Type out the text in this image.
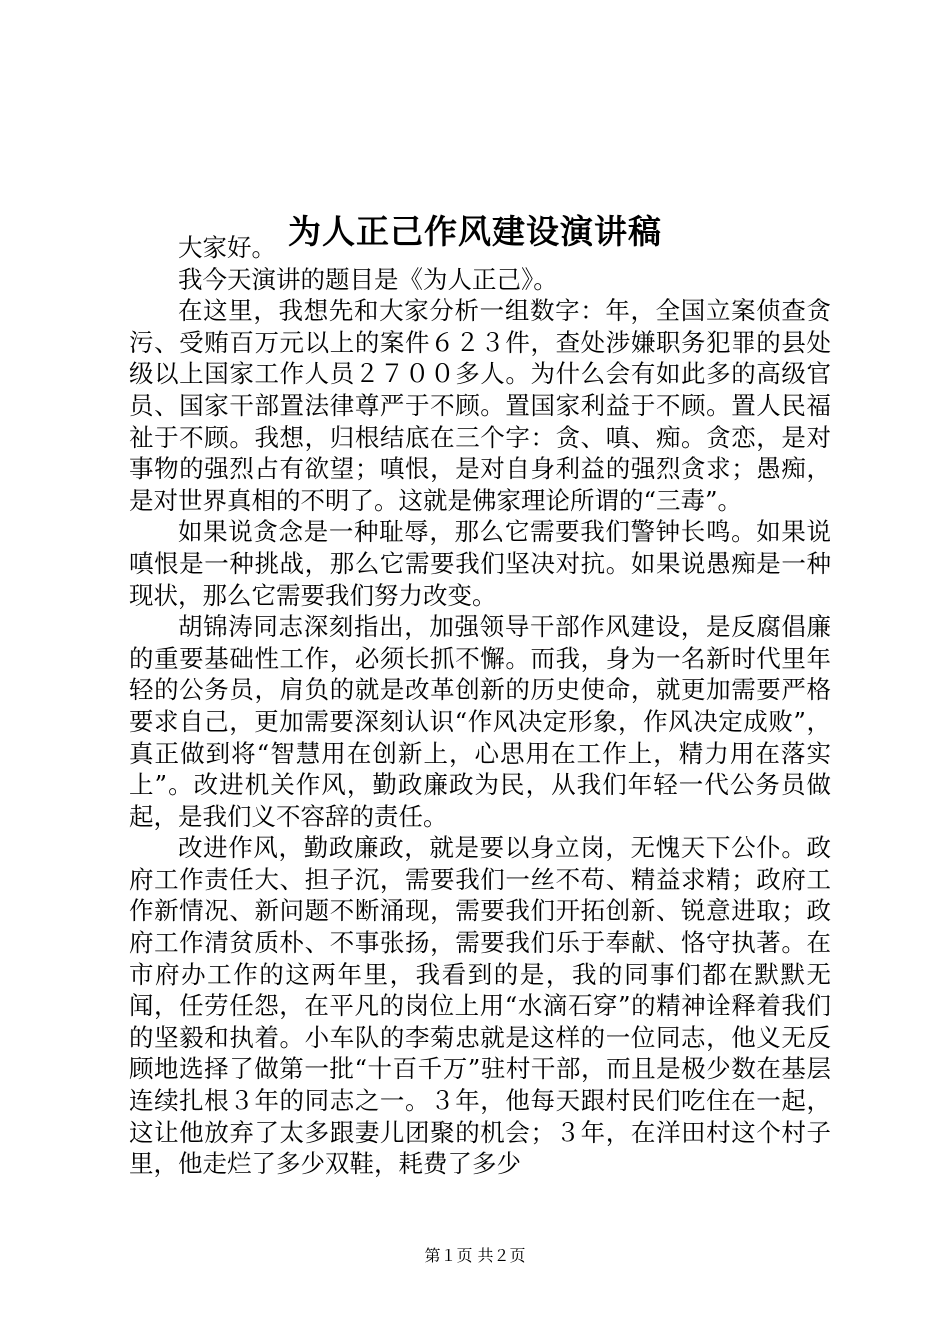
为人正己作风建设演讲稿

大家好。

我今天演讲的题目是《为人正己》。

在这里，我想先和大家分析一组数字：年，全国立案侦查贪污、受贿百万元以上的案件６２３件，查处涉嫌职务犯罪的县处级以上国家工作人员２７００多人。为什么会有如此多的高级官员、国家干部置法律尊严于不顾。置国家利益于不顾。置人民福祉于不顾。我想，归根结底在三个字：贪、嗔、痴。贪恋，是对事物的强烈占有欲望；嗔恨，是对自身利益的强烈贪求；愚痴，是对世界真相的不明了。这就是佛家理论所谓的“三毒”。

如果说贪念是一种耻辱，那么它需要我们警钟长鸣。如果说嗔恨是一种挑战，那么它需要我们坚决对抗。如果说愚痴是一种现状，那么它需要我们努力改变。

胡锦涛同志深刻指出，加强领导干部作风建设，是反腐倡廉的重要基础性工作，必须长抓不懈。而我，身为一名新时代里年轻的公务员，肩负的就是改革创新的历史使命，就更加需要严格要求自己，更加需要深刻认识“作风决定形象，作风决定成败”，真正做到将“智慧用在创新上，心思用在工作上，精力用在落实上”。改进机关作风，勤政廉政为民，从我们年轻一代公务员做起，是我们义不容辞的责任。

改进作风，勤政廉政，就是要以身立岗，无愧天下公仆。政府工作责任大、担子沉，需要我们一丝不苟、精益求精；政府工作新情况、新问题不断涌现，需要我们开拓创新、锐意进取；政府工作清贫质朴、不事张扬，需要我们乐于奉献、恪守执著。在市府办工作的这两年里，我看到的是，我的同事们都在默默无闻，任劳任怨，在平凡的岗位上用“水滴石穿”的精神诠释着我们的坚毅和执着。小车队的李菊忠就是这样的一位同志，他义无反顾地选择了做第一批“十百千万”驻村干部，而且是极少数在基层连续扎根３年的同志之一。３年，他每天跟村民们吃住在一起，这让他放弃了太多跟妻儿团聚的机会；３年，在洋田村这个村子里，他走烂了多少双鞋，耗费了多少

第１页 共２页
